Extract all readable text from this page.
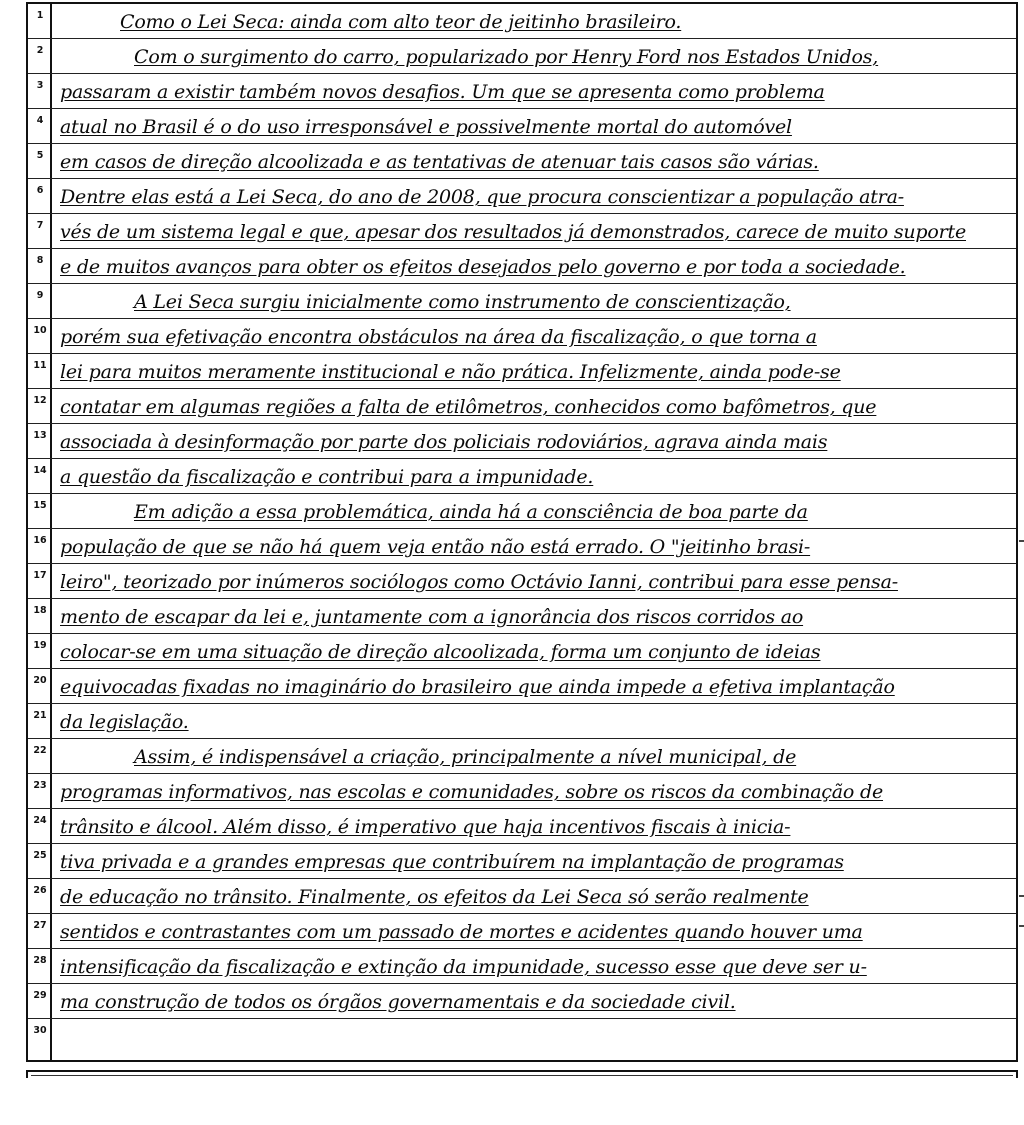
1	Como o Lei Seca: ainda com alto teor de jeitinho brasileiro.
2	Com o surgimento do carro, popularizado por Henry Ford nos Estados Unidos,
3 passaram a existir também novos desafios. Um que se apresenta como problema
4 atual no Brasil é o do uso irresponsável e possivelmente mortal do automóvel
5 em casos de direção alcoolizada e as tentativas de atenuar tais casos são várias.
6 Dentre elas está a Lei Seca, do ano de 2008, que procura conscientizar a população atra-
7 vés de um sistema legal e que, apesar dos resultados já demonstrados, carece de muito suporte
8 e de muitos avanços para obter os efeitos desejados pelo governo e por toda a sociedade.
9	A Lei Seca surgiu inicialmente como instrumento de conscientização,
10 porém sua efetivação encontra obstáculos na área da fiscalização, o que torna a
11 lei para muitos meramente institucional e não prática. Infelizmente, ainda pode-se
12 contatar em algumas regiões a falta de etilômetros, conhecidos como bafômetros, que
13 associada à desinformação por parte dos policiais rodoviários, agrava ainda mais
14 a questão da fiscalização e contribui para a impunidade.
15	Em adição a essa problemática, ainda há a consciência de boa parte da
16 população de que se não há quem veja então não está errado. O "jeitinho brasi-
17 leiro", teorizado por inúmeros sociólogos como Octávio Ianni, contribui para esse pensa-
18 mento de escapar da lei e, juntamente com a ignorância dos riscos corridos ao
19 colocar-se em uma situação de direção alcoolizada, forma um conjunto de ideias
20 equivocadas fixadas no imaginário do brasileiro que ainda impede a efetiva implantação
21 da legislação.
22	Assim, é indispensável a criação, principalmente a nível municipal, de
23 programas informativos, nas escolas e comunidades, sobre os riscos da combinação de
24 trânsito e álcool. Além disso, é imperativo que haja incentivos fiscais à inicia-
25 tiva privada e a grandes empresas que contribuírem na implantação de programas
26 de educação no trânsito. Finalmente, os efeitos da Lei Seca só serão realmente
27 sentidos e contrastantes com um passado de mortes e acidentes quando houver uma
28 intensificação da fiscalização e extinção da impunidade, sucesso esse que deve ser u-
29 ma construção de todos os órgãos governamentais e da sociedade civil.
30
